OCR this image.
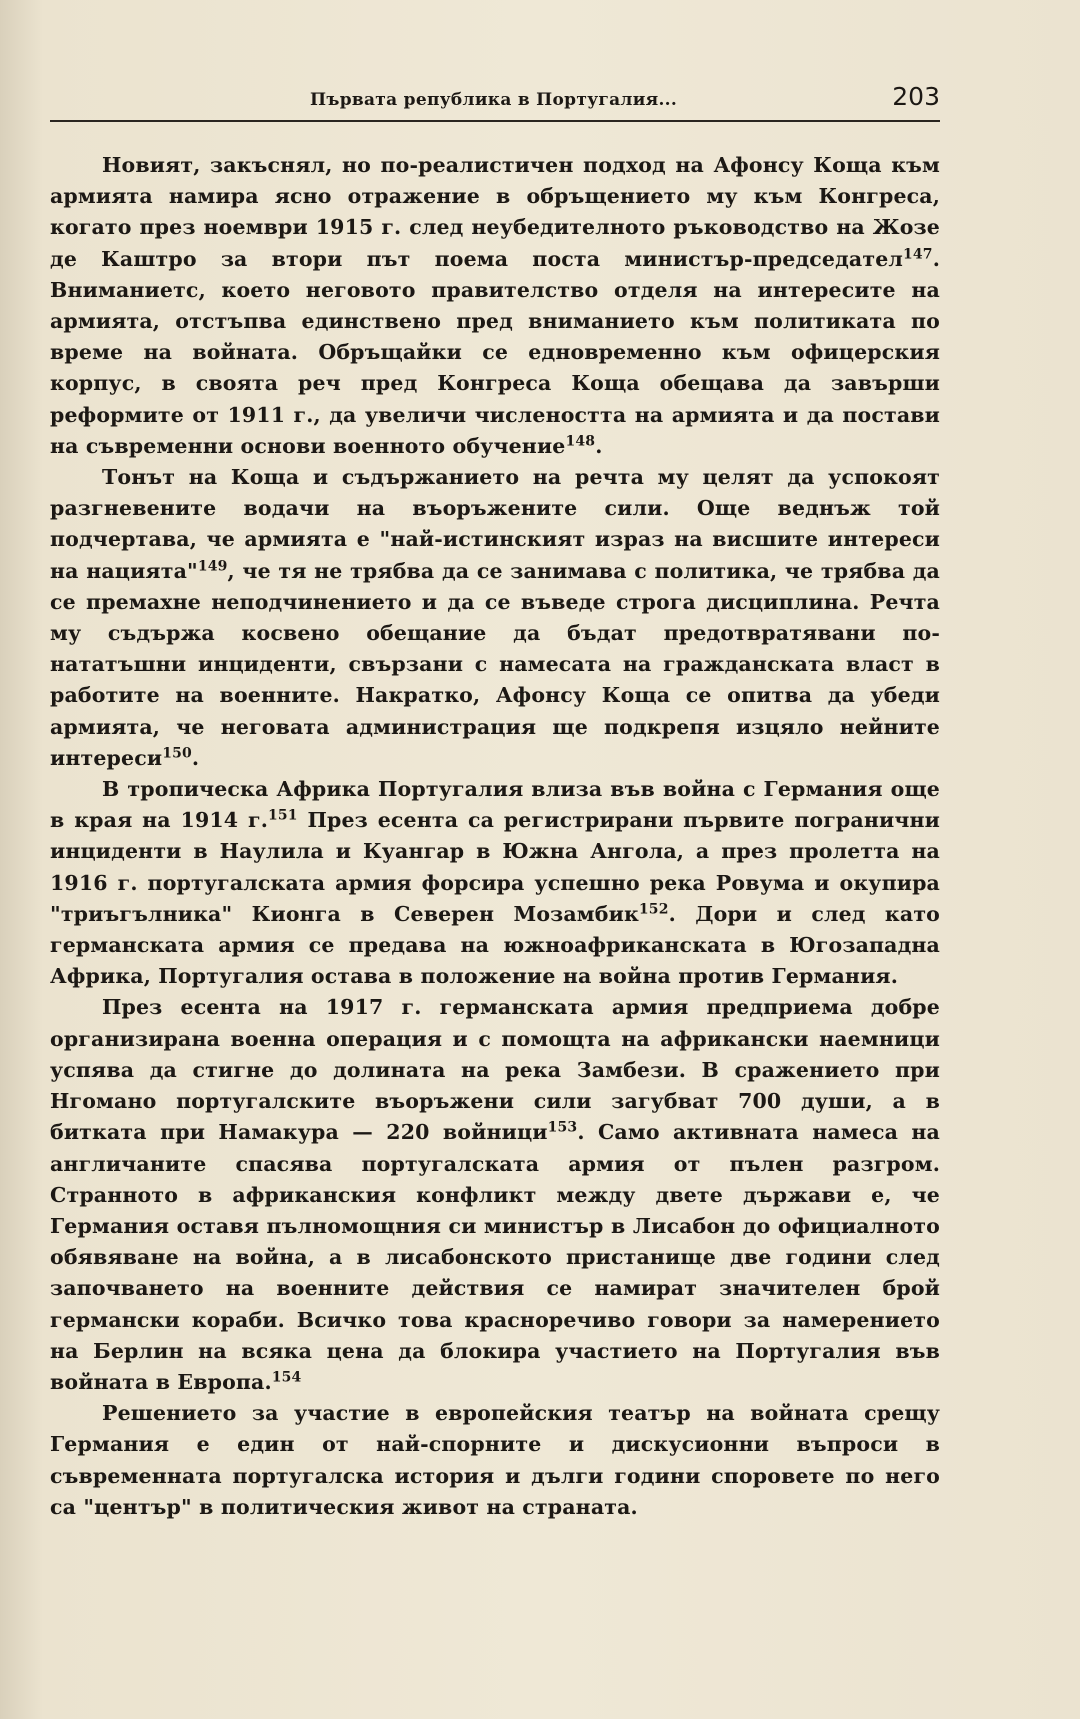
Първата република в Португалия...	203

Новият, закъснял, но по-реалистичен подход на Афонсу Коща към армията намира ясно отражение в обръщението му към Конгреса, когато през ноември 1915 г. след неубедителното ръководство на Жозе де Каштро за втори път поема поста министър-председател$^{147}$. Вниманиетс, което неговото правителство отделя на интересите на армията, отстъпва единствено пред вниманието към политиката по време на войната. Обръщайки се едновременно към офицерския корпус, в своята реч пред Конгреса Коща обещава да завърши реформите от 1911 г., да увеличи числеността на армията и да постави на съвременни основи военното обучение$^{148}$.

Тонът на Коща и съдържанието на речта му целят да успокоят разгневените водачи на въоръжените сили. Още веднъж той подчертава, че армията е "най-истинският израз на висшите интереси на нацията"$^{149}$, че тя не трябва да се занимава с политика, че трябва да се премахне неподчинението и да се въведе строга дисциплина. Речта му съдържа косвено обещание да бъдат предотвратявани по-нататъшни инциденти, свързани с намесата на гражданската власт в работите на военните. Накратко, Афонсу Коща се опитва да убеди армията, че неговата администрация ще подкрепя изцяло нейните интереси$^{150}$.

В тропическа Африка Португалия влиза във война с Германия още в края на 1914 г.$^{151}$ През есента са регистрирани първите погранични инциденти в Наулила и Куангар в Южна Ангола, а през пролетта на 1916 г. португалската армия форсира успешно река Ровума и окупира "триъгълника" Кионга в Северен Мозамбик$^{152}$. Дори и след като германската армия се предава на южноафриканската в Югозападна Африка, Португалия остава в положение на война против Германия.

През есента на 1917 г. германската армия предприема добре организирана военна операция и с помощта на африкански наемници успява да стигне до долината на река Замбези. В сражението при Нгомано португалските въоръжени сили загубват 700 души, а в битката при Намакура — 220 войници$^{153}$. Само активната намеса на англичаните спасява португалската армия от пълен разгром. Странното в африканския конфликт между двете държави е, че Германия оставя пълномощния си министър в Лисабон до официалното обявяване на война, а в лисабонското пристанище две години след започването на военните действия се намират значителен брой германски кораби. Всичко това красноречиво говори за намерението на Берлин на всяка цена да блокира участието на Португалия във войната в Европа.$^{154}$

Решението за участие в европейския театър на войната срещу Германия е един от най-спорните и дискусионни въпроси в съвременната португалска история и дълги години споровете по него са "център" в политическия живот на страната.
